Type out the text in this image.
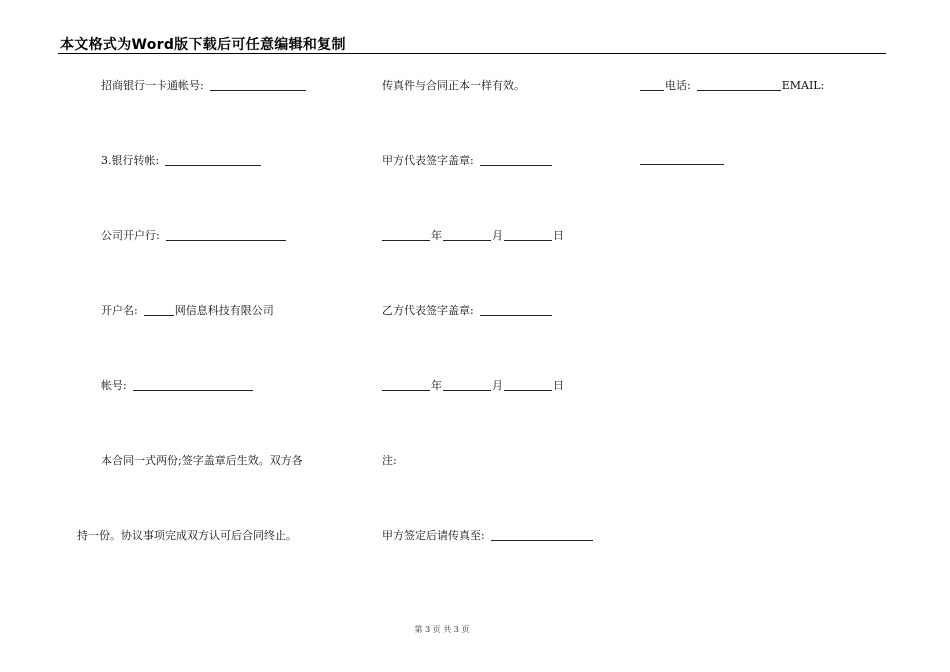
本文格式为Word版下载后可任意编辑和复制
招商银行一卡通帐号:
3.银行转帐:
公司开户行:
开户名:	网信息科技有限公司
帐号:
本合同一式两份;签字盖章后生效。双方各
持一份。协议事项完成双方认可后合同终止。
传真件与合同正本一样有效。
甲方代表签字盖章:
年	月	日
乙方代表签字盖章:
年	月	日
注:
甲方签定后请传真至:
电话:	EMAIL:
第 3 页 共 3 页
